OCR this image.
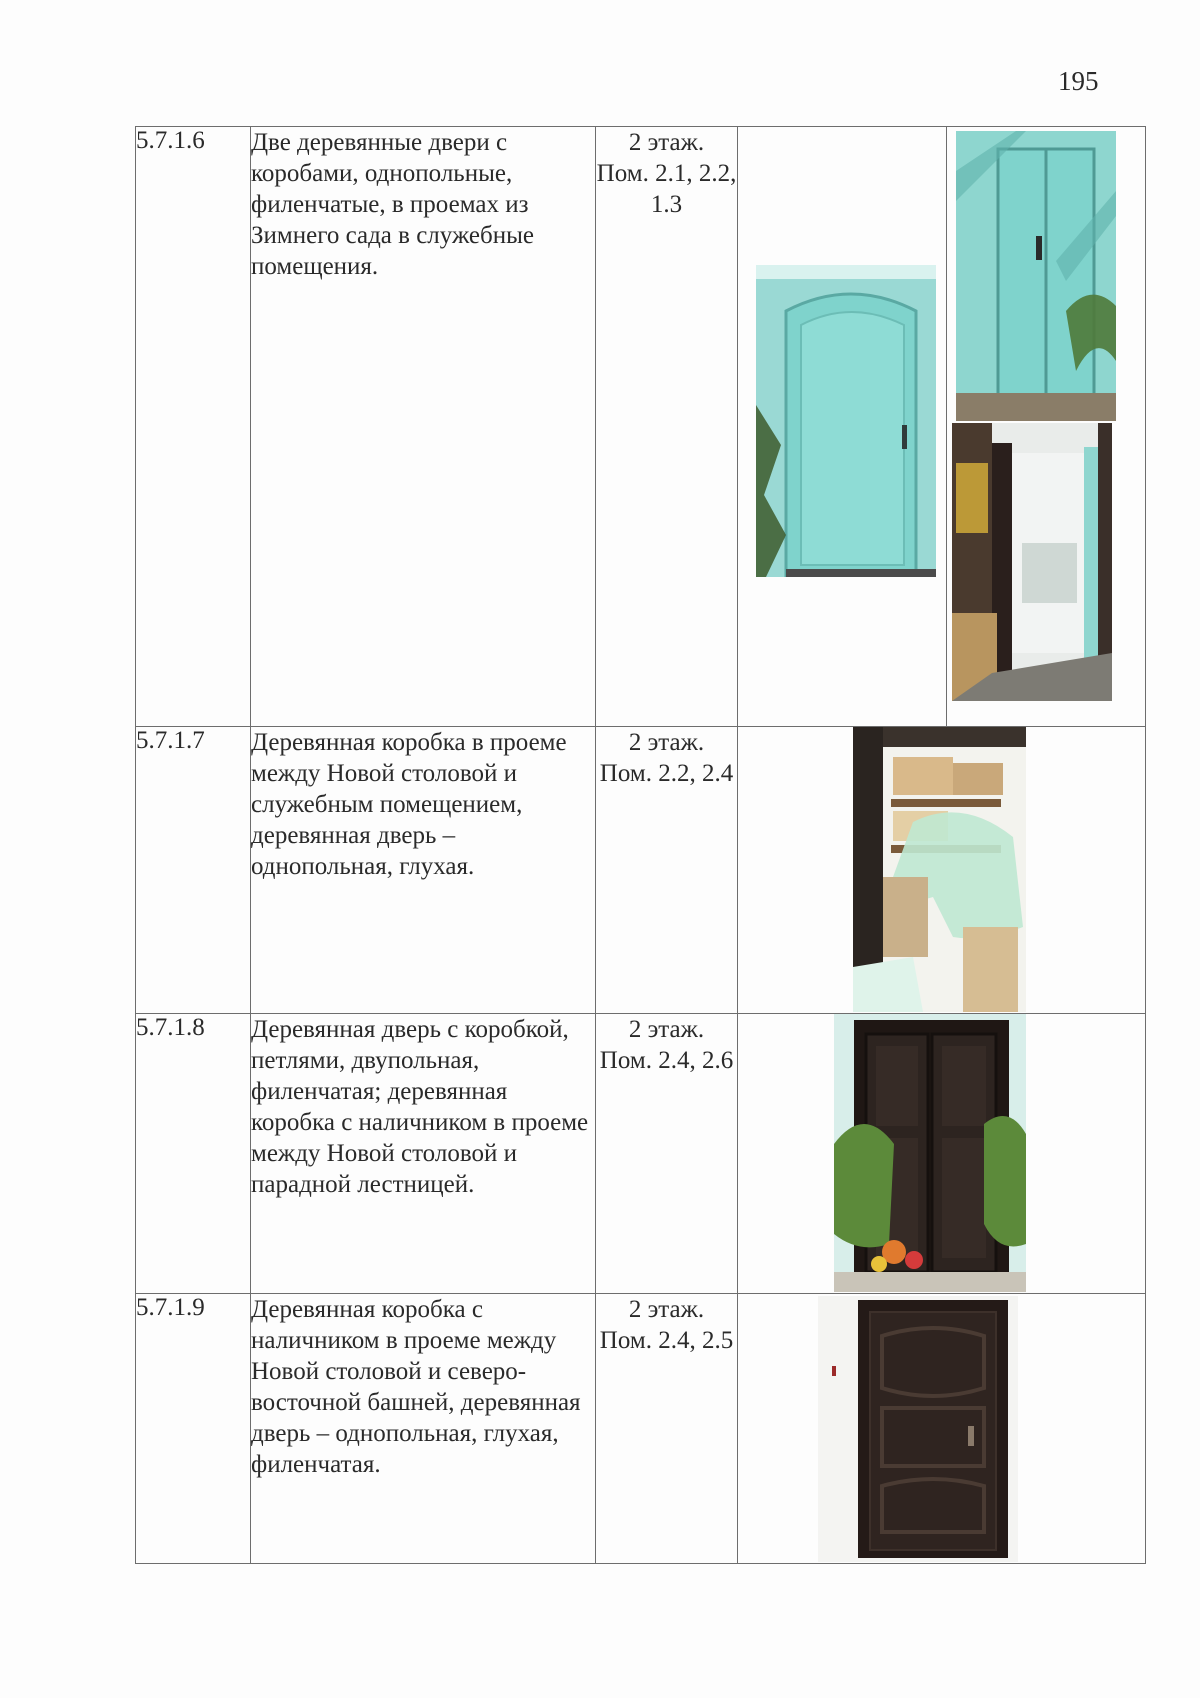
195
5.7.1.6	Две деревянные двери с коробами, однопольные, филенчатые, в проемах из Зимнего сада в служебные помещения.	2 этаж.
Пом. 2.1, 2.2, 1.3

5.7.1.7	Деревянная коробка в проеме между Новой столовой и служебным помещением, деревянная дверь – однопольная, глухая.	2 этаж.
Пом. 2.2, 2.4

5.7.1.8	Деревянная дверь с коробкой, петлями, двупольная, филенчатая; деревянная коробка с наличником в проеме между Новой столовой и парадной лестницей.	2 этаж.
Пом. 2.4, 2.6

5.7.1.9	Деревянная коробка с наличником в проеме между Новой столовой и северо-восточной башней, деревянная дверь – однопольная, глухая, филенчатая.	2 этаж.
Пом. 2.4, 2.5
